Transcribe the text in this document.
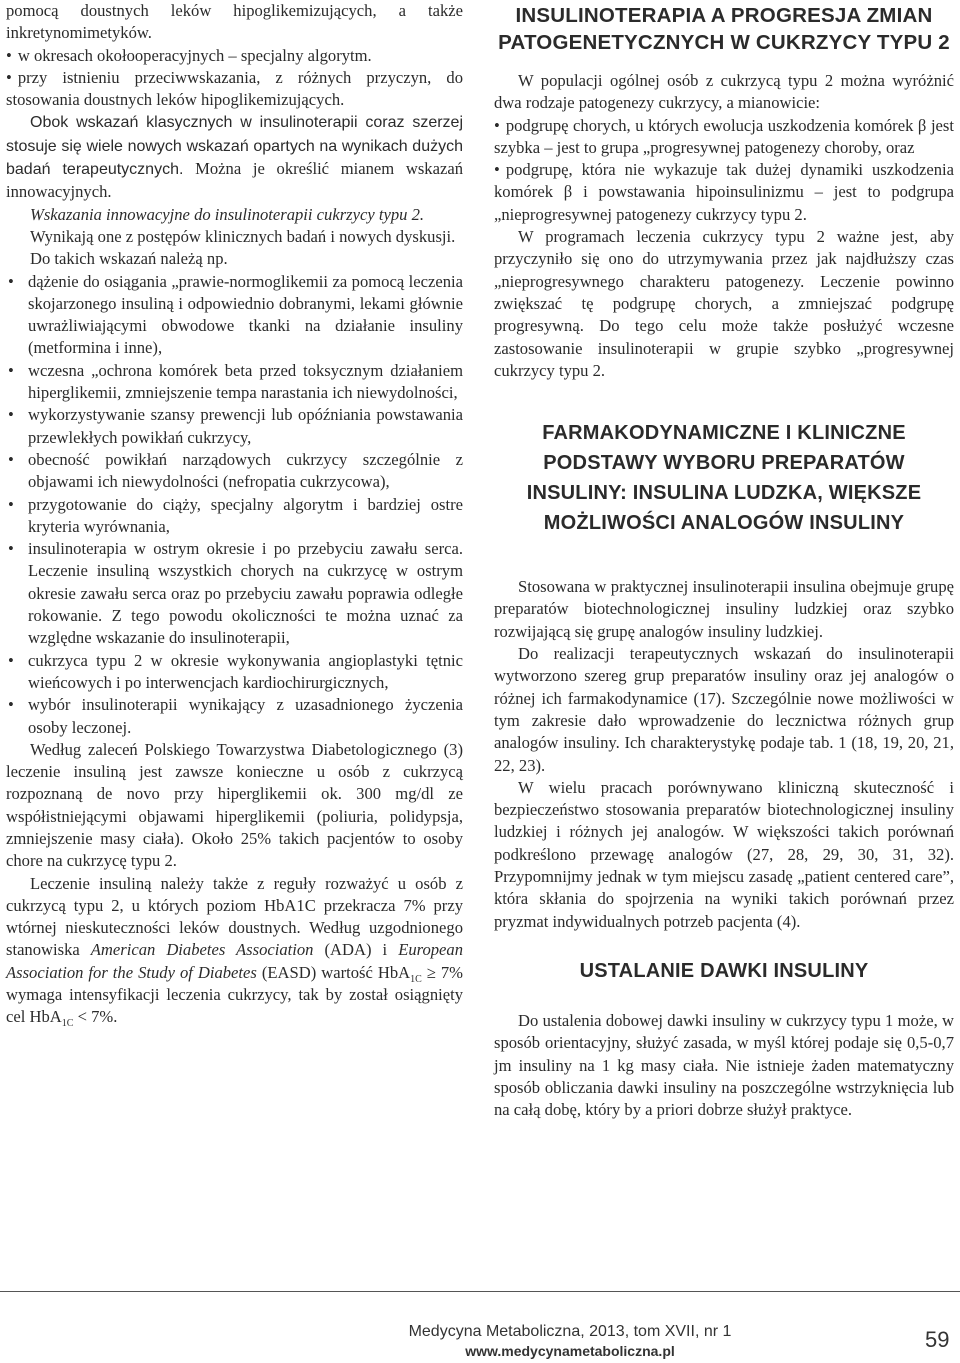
pomocą doustnych leków hipoglikemizujących, a także inkretynomimetyków.

• w okresach okołooperacyjnych – specjalny algorytm.
• przy istnieniu przeciwwskazania, z różnych przyczyn, do stosowania doustnych leków hipoglikemizujących.

Obok wskazań klasycznych w insulinoterapii coraz szerzej stosuje się wiele nowych wskazań opartych na wynikach dużych badań terapeutycznych. Można je określić mianem wskazań innowacyjnych.

Wskazania innowacyjne do insulinoterapii cukrzycy typu 2.

Wynikają one z postępów klinicznych badań i nowych dyskusji.

Do takich wskazań należą np.

• dążenie do osiągania „prawie-normoglikemii za pomocą leczenia skojarzonego insuliną i odpowiednio dobranymi, lekami głównie uwrażliwiającymi obwodowe tkanki na działanie insuliny (metformina i inne),
• wczesna „ochrona komórek beta przed toksycznym działaniem hiperglikemii, zmniejszenie tempa narastania ich niewydolności,
• wykorzystywanie szansy prewencji lub opóźniania powstawania przewlekłych powikłań cukrzycy,
• obecność powikłań narządowych cukrzycy szczególnie z objawami ich niewydolności (nefropatia cukrzycowa),
• przygotowanie do ciąży, specjalny algorytm i bardziej ostre kryteria wyrównania,
• insulinoterapia w ostrym okresie i po przebyciu zawału serca. Leczenie insuliną wszystkich chorych na cukrzycę w ostrym okresie zawału serca oraz po przebyciu zawału poprawia odległe rokowanie. Z tego powodu okoliczności te można uznać za względne wskazanie do insulinoterapii,
• cukrzyca typu 2 w okresie wykonywania angioplastyki tętnic wieńcowych i po interwencjach kardiochirurgicznych,
• wybór insulinoterapii wynikający z uzasadnionego życzenia osoby leczonej.

Według zaleceń Polskiego Towarzystwa Diabetologicznego (3) leczenie insuliną jest zawsze konieczne u osób z cukrzycą rozpoznaną de novo przy hiperglikemii ok. 300 mg/dl ze współistniejącymi objawami hiperglikemii (poliuria, polidypsja, zmniejszenie masy ciała). Około 25% takich pacjentów to osoby chore na cukrzycę typu 2.

Leczenie insuliną należy także z reguły rozważyć u osób z cukrzycą typu 2, u których poziom HbA1C przekracza 7% przy wtórnej nieskuteczności leków doustnych. Według uzgodnionego stanowiska American Diabetes Association (ADA) i European Association for the Study of Diabetes (EASD) wartość HbA$_{1C}$ ≥ 7% wymaga intensyfikacji leczenia cukrzycy, tak by został osiągnięty cel HbA$_{1C}$ < 7%.

INSULINOTERAPIA A PROGRESJA ZMIAN PATOGENETYCZNYCH W CUKRZYCY TYPU 2

W populacji ogólnej osób z cukrzycą typu 2 można wyróżnić dwa rodzaje patogenezy cukrzycy, a mianowicie:

• podgrupę chorych, u których ewolucja uszkodzenia komórek β jest szybka – jest to grupa „progresywnej patogenezy choroby, oraz
• podgrupę, która nie wykazuje tak dużej dynamiki uszkodzenia komórek β i powstawania hipoinsulinizmu – jest to podgrupa „nieprogresywnej patogenezy cukrzycy typu 2.

W programach leczenia cukrzycy typu 2 ważne jest, aby przyczyniło się ono do utrzymywania przez jak najdłuższy czas „nieprogresywnego charakteru patogenezy. Leczenie powinno zwiększać tę podgrupę chorych, a zmniejszać podgrupę progresywną. Do tego celu może także posłużyć wczesne zastosowanie insulinoterapii w grupie szybko „progresywnej cukrzycy typu 2.

FARMAKODYNAMICZNE I KLINICZNE PODSTAWY WYBORU PREPARATÓW INSULINY: INSULINA LUDZKA, WIĘKSZE MOŻLIWOŚCI ANALOGÓW INSULINY

Stosowana w praktycznej insulinoterapii insulina obejmuje grupę preparatów biotechnologicznej insuliny ludzkiej oraz szybko rozwijającą się grupę analogów insuliny ludzkiej.

Do realizacji terapeutycznych wskazań do insulinoterapii wytworzono szereg grup preparatów insuliny oraz jej analogów o różnej ich farmakodynamice (17). Szczególnie nowe możliwości w tym zakresie dało wprowadzenie do lecznictwa różnych grup analogów insuliny. Ich charakterystykę podaje tab. 1 (18, 19, 20, 21, 22, 23).

W wielu pracach porównywano kliniczną skuteczność i bezpieczeństwo stosowania preparatów biotechnologicznej insuliny ludzkiej i różnych jej analogów. W większości takich porównań podkreślono przewagę analogów (27, 28, 29, 30, 31, 32). Przypomnijmy jednak w tym miejscu zasadę „patient centered care”, która skłania do spojrzenia na wyniki takich porównań przez pryzmat indywidualnych potrzeb pacjenta (4).

USTALANIE DAWKI INSULINY

Do ustalenia dobowej dawki insuliny w cukrzycy typu 1 może, w sposób orientacyjny, służyć zasada, w myśl której podaje się 0,5-0,7 jm insuliny na 1 kg masy ciała. Nie istnieje żaden matematyczny sposób obliczania dawki insuliny na poszczególne wstrzyknięcia lub na całą dobę, który by a priori dobrze służył praktyce.

Medycyna Metaboliczna, 2013, tom XVII, nr 1
www.medycynametaboliczna.pl	59
